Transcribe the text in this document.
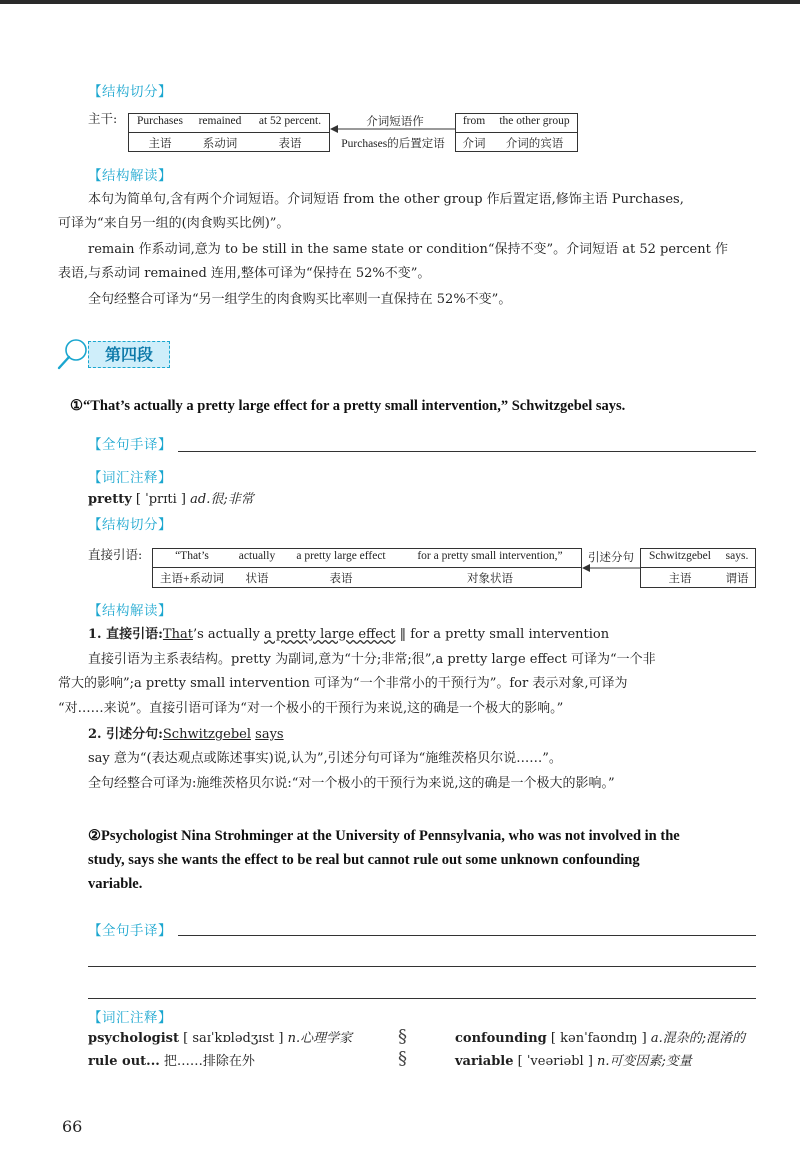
【结构切分】
主干:	Purchases	remained	at 52 percent.
主语	系动词	表语
介词短语作
Purchases的后置定语
from	the other group
介词	介词的宾语
【结构解读】
本句为简单句,含有两个介词短语。介词短语 from the other group 作后置定语,修饰主语 Purchases,
可译为“来自另一组的(肉食购买比例)”。
remain 作系动词,意为 to be still in the same state or condition“保持不变”。介词短语 at 52 percent 作
表语,与系动词 remained 连用,整体可译为“保持在 52%不变”。
全句经整合可译为“另一组学生的肉食购买比率则一直保持在 52%不变”。
第四段
①“That’s actually a pretty large effect for a pretty small intervention,” Schwitzgebel says.
【全句手译】
【词汇注释】
pretty [ ˈprɪti ] ad.很;非常
【结构切分】
直接引语:	“That’s	actually	a pretty large effect	for a pretty small intervention,”
主语+系动词	状语	表语	对象状语
引述分句	Schwitzgebel	says.
主语	谓语
【结构解读】
1. 直接引语:That’s actually a pretty large effect ‖ for a pretty small intervention
直接引语为主系表结构。pretty 为副词,意为“十分;非常;很”,a pretty large effect 可译为“一个非
常大的影响”;a pretty small intervention 可译为“一个非常小的干预行为”。for 表示对象,可译为
“对……来说”。直接引语可译为“对一个极小的干预行为来说,这的确是一个极大的影响。”
2. 引述分句:Schwitzgebel says
say 意为“(表达观点或陈述事实)说,认为”,引述分句可译为“施维茨格贝尔说……”。
全句经整合可译为:施维茨格贝尔说:“对一个极小的干预行为来说,这的确是一个极大的影响。”
②Psychologist Nina Strohminger at the University of Pennsylvania, who was not involved in the
study, says she wants the effect to be real but cannot rule out some unknown confounding
variable.
【全句手译】
【词汇注释】
psychologist [ saɪˈkɒlədʒɪst ] n.心理学家
rule out... 把……排除在外
§
§
confounding [ kənˈfaʊndɪŋ ] a.混杂的;混淆的
variable [ ˈveəriəbl ] n.可变因素;变量
66
